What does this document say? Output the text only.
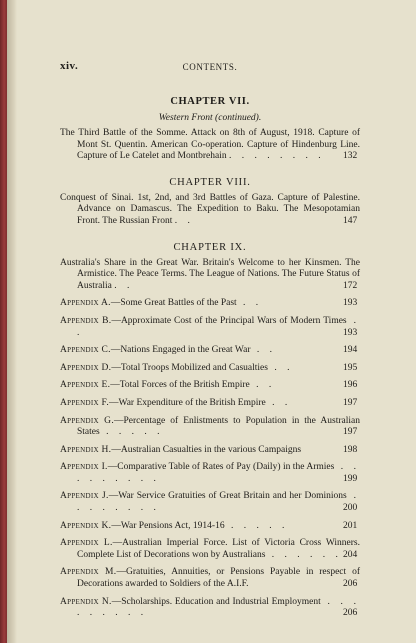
xiv.	CONTENTS.
CHAPTER VII.
Western Front (continued).
The Third Battle of the Somme. Attack on 8th of August, 1918. Capture of Mont St. Quentin. American Co-operation. Capture of Hindenburg Line. Capture of Le Catelet and Montbrehain . . . . . . . . 132
CHAPTER VIII.
Conquest of Sinai. 1st, 2nd, and 3rd Battles of Gaza. Capture of Palestine. Advance on Damascus. The Expedition to Baku. The Mesopotamian Front. The Russian Front . .	147
CHAPTER IX.
Australia's Share in the Great War. Britain's Welcome to her Kinsmen. The Armistice. The Peace Terms. The League of Nations. The Future Status of Australia . .	172
Appendix A.—Some Great Battles of the Past . .	193
Appendix B.—Approximate Cost of the Principal Wars of Modern Times . .	193
Appendix C.—Nations Engaged in the Great War . .	194
Appendix D.—Total Troops Mobilized and Casualties . .	195
Appendix E.—Total Forces of the British Empire . .	196
Appendix F.—War Expenditure of the British Empire . .	197
Appendix G.—Percentage of Enlistments to Population in the Australian States . . . . .	197
Appendix H.—Australian Casualties in the various Campaigns	198
Appendix I.—Comparative Table of Rates of Pay (Daily) in the Armies . . . . . . . . .	199
Appendix J.—War Service Gratuities of Great Britain and her Dominions . . . . . . . .	200
Appendix K.—War Pensions Act, 1914-16 . . . . .	201
Appendix L.—Australian Imperial Force. List of Victoria Cross Winners. Complete List of Decorations won by Australians . . . . . . 204
Appendix M.—Gratuities, Annuities, or Pensions Payable in respect of Decorations awarded to Soldiers of the A.I.F.	206
Appendix N.—Scholarships. Education and Industrial Employment . . . . . . . . .	206
